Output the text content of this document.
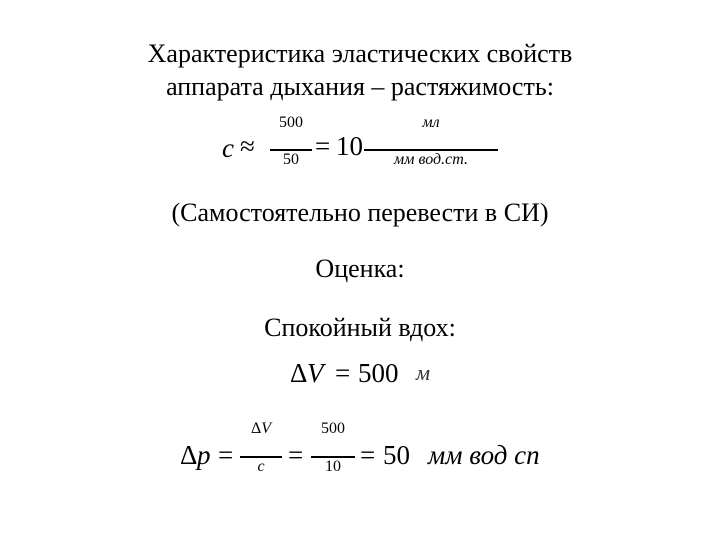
Характеристика эластических свойств
аппарата дыхания – растяжимость:
c ≈
500
50 = 10
мл
мм вод.ст.
(Самостоятельно перевести в СИ)
Оценка:
Спокойный вдох:
Δ V = 500 м
Δ p =
ΔV
c =
500
10 = 50 мм вод сп
